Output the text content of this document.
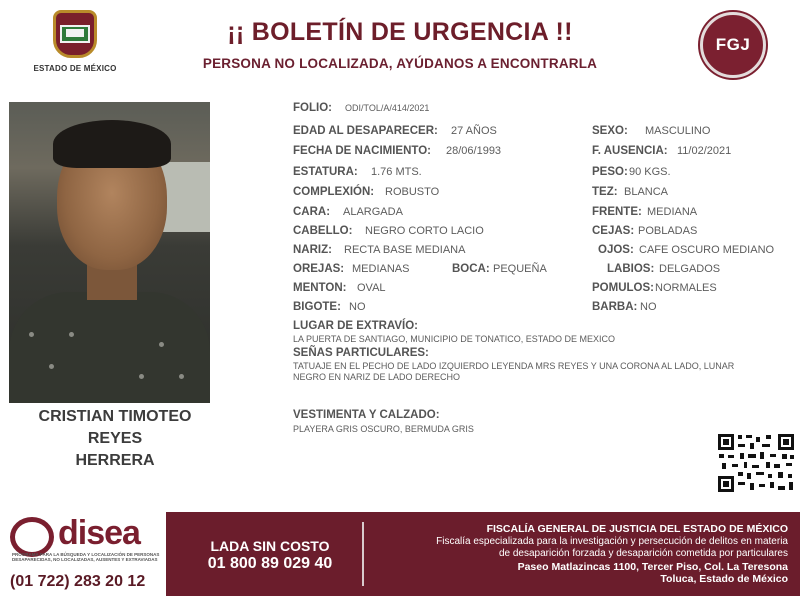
ESTADO DE MÉXICO
¡¡ BOLETÍN DE URGENCIA !!
PERSONA NO LOCALIZADA, AYÚDANOS A ENCONTRARLA
FGJ
CRISTIAN TIMOTEO REYES
HERRERA
FOLIO: ODI/TOL/A/414/2021
EDAD AL DESAPARECER: 27 AÑOS	SEXO: MASCULINO
FECHA DE NACIMIENTO: 28/06/1993	F. AUSENCIA: 11/02/2021
ESTATURA: 1.76 MTS.	PESO: 90 KGS.
COMPLEXIÓN: ROBUSTO	TEZ: BLANCA
CARA: ALARGADA	FRENTE: MEDIANA
CABELLO: NEGRO CORTO LACIO	CEJAS: POBLADAS
NARIZ: RECTA BASE MEDIANA	OJOS: CAFE OSCURO MEDIANO
OREJAS: MEDIANAS	BOCA: PEQUEÑA	LABIOS: DELGADOS
MENTON: OVAL	POMULOS: NORMALES
BIGOTE: NO	BARBA: NO
LUGAR DE EXTRAVÍO:
LA PUERTA DE SANTIAGO, MUNICIPIO DE TONATICO, ESTADO DE MEXICO
SEÑAS PARTICULARES:
TATUAJE EN EL PECHO DE LADO IZQUIERDO LEYENDA MRS REYES Y UNA CORONA AL LADO, LUNAR
NEGRO EN NARIZ DE LADO DERECHO
VESTIMENTA Y CALZADO:
PLAYERA GRIS OSCURO, BERMUDA GRIS
disea
PROGRAMA PARA LA BÚSQUEDA Y LOCALIZACIÓN DE PERSONAS DESAPARECIDAS, NO LOCALIZADAS, AUSENTES Y EXTRAVIADAS
(01 722) 283 20 12
LADA SIN COSTO
01 800 89 029 40
FISCALÍA GENERAL DE JUSTICIA DEL ESTADO DE MÉXICO
Fiscalía especializada para la investigación y persecución de delitos en materia
de desaparición forzada y desaparición cometida por particulares
Paseo Matlazincas 1100, Tercer Piso, Col. La Teresona
Toluca, Estado de México
